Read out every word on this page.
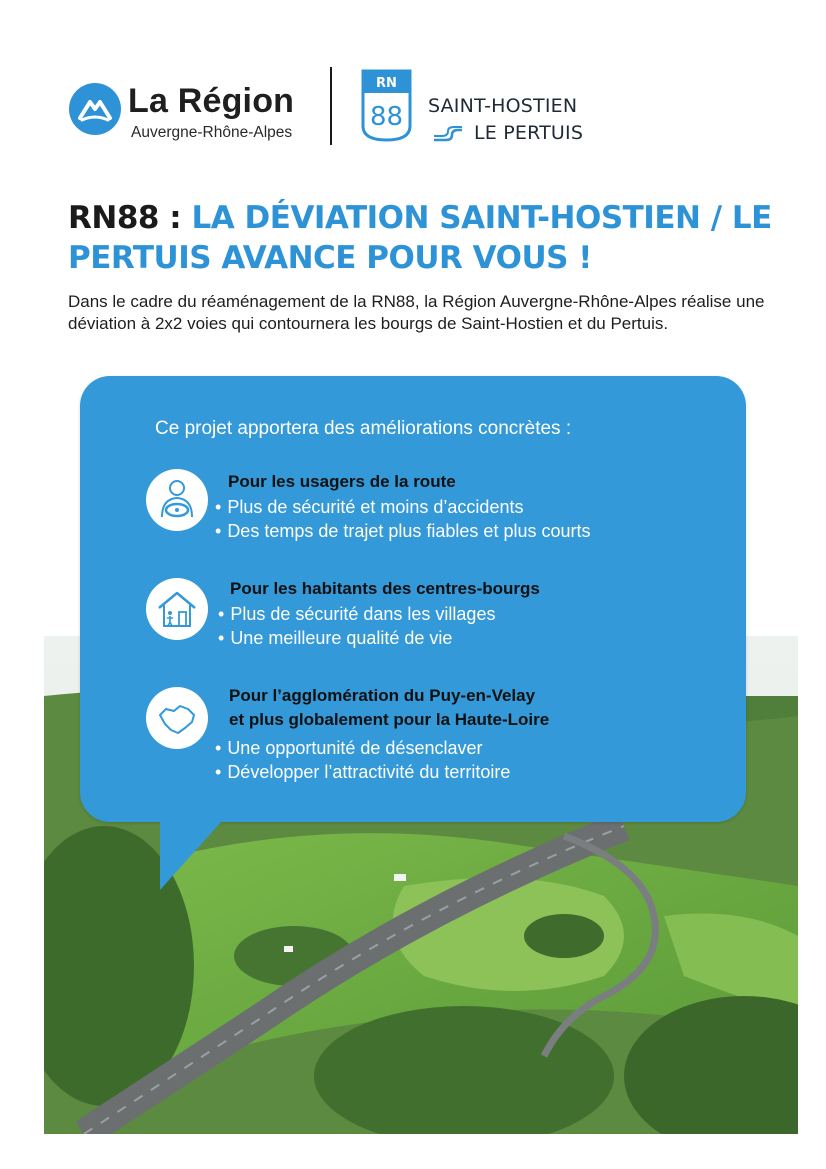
La Région
Auvergne-Rhône-Alpes
RN
88 SAINT-HOSTIEN
LE PERTUIS
RN88 : LA DÉVIATION SAINT-HOSTIEN / LE PERTUIS AVANCE POUR VOUS !
Dans le cadre du réaménagement de la RN88, la Région Auvergne-Rhône-Alpes réalise une déviation à 2x2 voies qui contournera les bourgs de Saint-Hostien et du Pertuis.
Ce projet apportera des améliorations concrètes :
Pour les usagers de la route
• Plus de sécurité et moins d’accidents
• Des temps de trajet plus fiables et plus courts
Pour les habitants des centres-bourgs
• Plus de sécurité dans les villages
• Une meilleure qualité de vie
Pour l’agglomération du Puy-en-Velay
et plus globalement pour la Haute-Loire
• Une opportunité de désenclaver
• Développer l’attractivité du territoire
